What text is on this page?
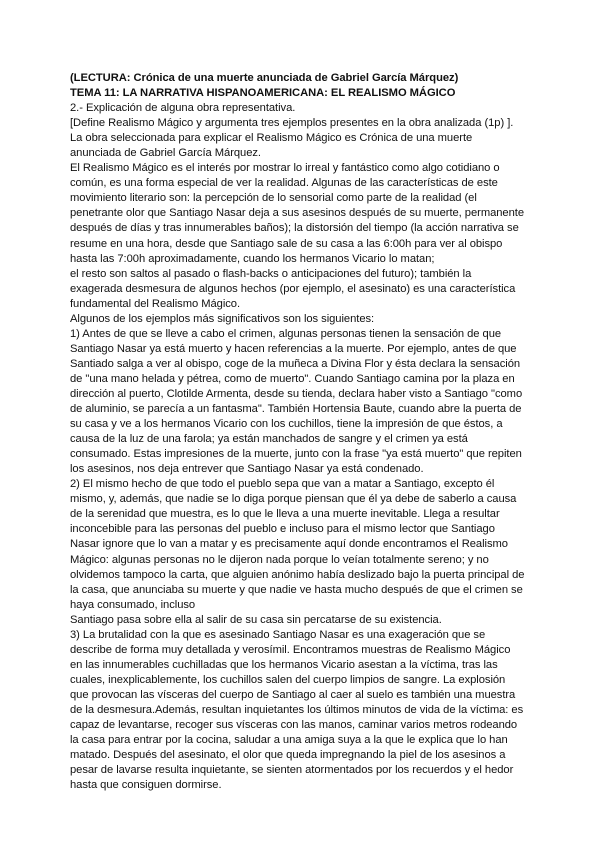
(LECTURA: Crónica de una muerte anunciada de Gabriel García Márquez)
TEMA 11: LA NARRATIVA HISPANOAMERICANA: EL REALISMO MÁGICO
2.- Explicación de alguna obra representativa.
[Define Realismo Mágico y argumenta tres ejemplos presentes en la obra analizada (1p) ].
La obra seleccionada para explicar el Realismo Mágico es Crónica de una muerte
anunciada de Gabriel García Márquez.
El Realismo Mágico es el interés por mostrar lo irreal y fantástico como algo cotidiano o
común, es una forma especial de ver la realidad. Algunas de las características de este
movimiento literario son: la percepción de lo sensorial como parte de la realidad (el
penetrante olor que Santiago Nasar deja a sus asesinos después de su muerte, permanente
después de días y tras innumerables baños); la distorsión del tiempo (la acción narrativa se
resume en una hora, desde que Santiago sale de su casa a las 6:00h para ver al obispo
hasta las 7:00h aproximadamente, cuando los hermanos Vicario lo matan;
el resto son saltos al pasado o flash-backs o anticipaciones del futuro); también la
exagerada desmesura de algunos hechos (por ejemplo, el asesinato) es una característica
fundamental del Realismo Mágico.
Algunos de los ejemplos más significativos son los siguientes:
1) Antes de que se lleve a cabo el crimen, algunas personas tienen la sensación de que
Santiago Nasar ya está muerto y hacen referencias a la muerte. Por ejemplo, antes de que
Santiado salga a ver al obispo, coge de la muñeca a Divina Flor y ésta declara la sensación
de "una mano helada y pétrea, como de muerto". Cuando Santiago camina por la plaza en
dirección al puerto, Clotilde Armenta, desde su tienda, declara haber visto a Santiago "como
de aluminio, se parecía a un fantasma". También Hortensia Baute, cuando abre la puerta de
su casa y ve a los hermanos Vicario con los cuchillos, tiene la impresión de que éstos, a
causa de la luz de una farola; ya están manchados de sangre y el crimen ya está
consumado. Estas impresiones de la muerte, junto con la frase "ya está muerto" que repiten
los asesinos, nos deja entrever que Santiago Nasar ya está condenado.
2) El mismo hecho de que todo el pueblo sepa que van a matar a Santiago, excepto él
mismo, y, además, que nadie se lo diga porque piensan que él ya debe de saberlo a causa
de la serenidad que muestra, es lo que le lleva a una muerte inevitable. Llega a resultar
inconcebible para las personas del pueblo e incluso para el mismo lector que Santiago
Nasar ignore que lo van a matar y es precisamente aquí donde encontramos el Realismo
Mágico: algunas personas no le dijeron nada porque lo veían totalmente sereno; y no
olvidemos tampoco la carta, que alguien anónimo había deslizado bajo la puerta principal de
la casa, que anunciaba su muerte y que nadie ve hasta mucho después de que el crimen se
haya consumado, incluso
Santiago pasa sobre ella al salir de su casa sin percatarse de su existencia.
3) La brutalidad con la que es asesinado Santiago Nasar es una exageración que se
describe de forma muy detallada y verosímil. Encontramos muestras de Realismo Mágico
en las innumerables cuchilladas que los hermanos Vicario asestan a la víctima, tras las
cuales, inexplicablemente, los cuchillos salen del cuerpo limpios de sangre. La explosión
que provocan las vísceras del cuerpo de Santiago al caer al suelo es también una muestra
de la desmesura.Además, resultan inquietantes los últimos minutos de vida de la víctima: es
capaz de levantarse, recoger sus vísceras con las manos, caminar varios metros rodeando
la casa para entrar por la cocina, saludar a una amiga suya a la que le explica que lo han
matado. Después del asesinato, el olor que queda impregnando la piel de los asesinos a
pesar de lavarse resulta inquietante, se sienten atormentados por los recuerdos y el hedor
hasta que consiguen dormirse.
